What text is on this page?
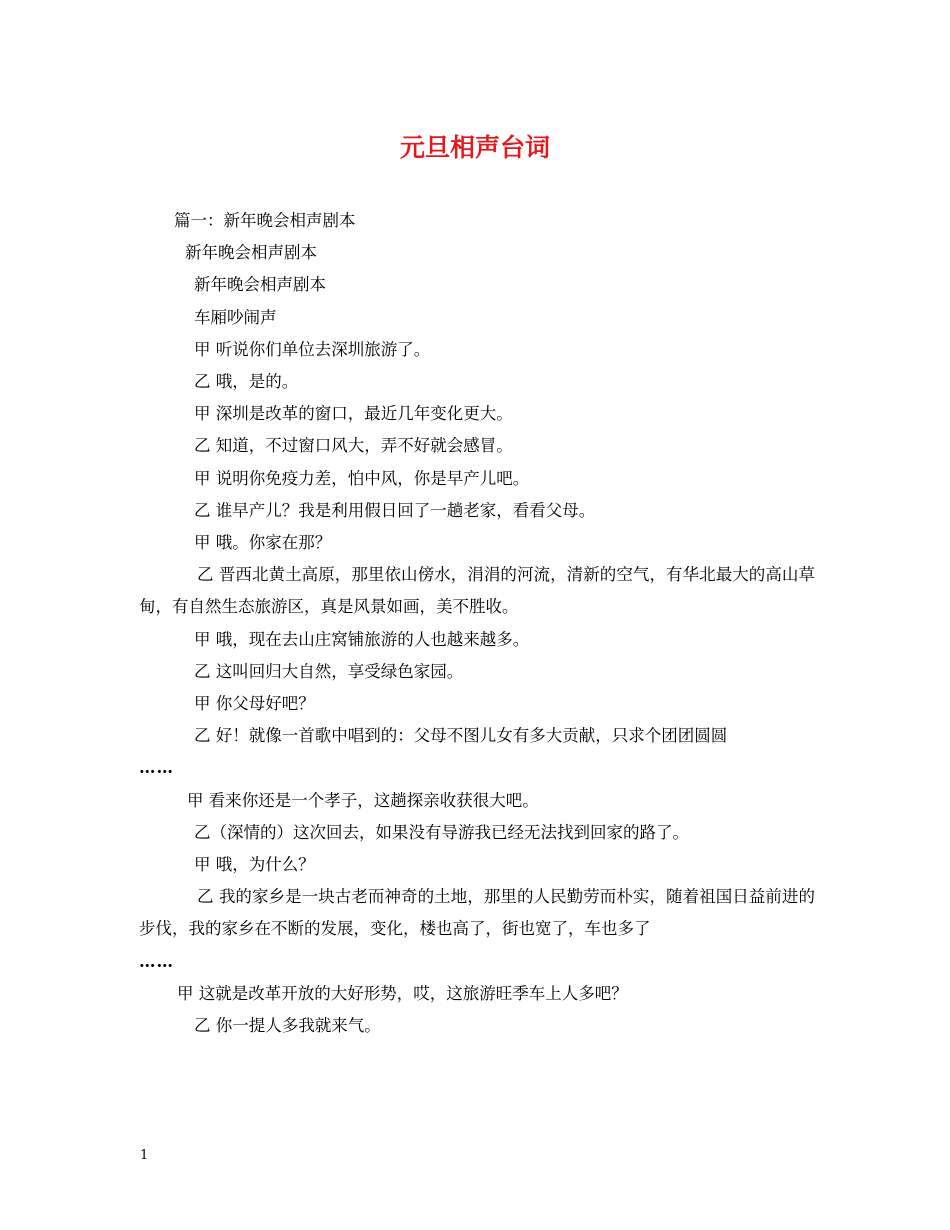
元旦相声台词

篇一：新年晚会相声剧本

新年晚会相声剧本

新年晚会相声剧本

车厢吵闹声

甲 听说你们单位去深圳旅游了。

乙 哦，是的。

甲 深圳是改革的窗口，最近几年变化更大。

乙 知道，不过窗口风大，弄不好就会感冒。

甲 说明你免疫力差，怕中风，你是早产儿吧。

乙 谁早产儿？我是利用假日回了一趟老家，看看父母。

甲 哦。你家在那？

乙 晋西北黄土高原，那里依山傍水，涓涓的河流，清新的空气，有华北最大的高山草甸，有自然生态旅游区，真是风景如画，美不胜收。

甲 哦，现在去山庄窝铺旅游的人也越来越多。

乙 这叫回归大自然，享受绿色家园。

甲 你父母好吧？

乙 好！就像一首歌中唱到的：父母不图儿女有多大贡献，只求个团团圆圆

……

甲 看来你还是一个孝子，这趟探亲收获很大吧。

乙（深情的）这次回去，如果没有导游我已经无法找到回家的路了。

甲 哦，为什么？

乙 我的家乡是一块古老而神奇的土地，那里的人民勤劳而朴实，随着祖国日益前进的步伐，我的家乡在不断的发展，变化，楼也高了，街也宽了，车也多了

……

甲 这就是改革开放的大好形势，哎，这旅游旺季车上人多吧？

乙 你一提人多我就来气。

1
